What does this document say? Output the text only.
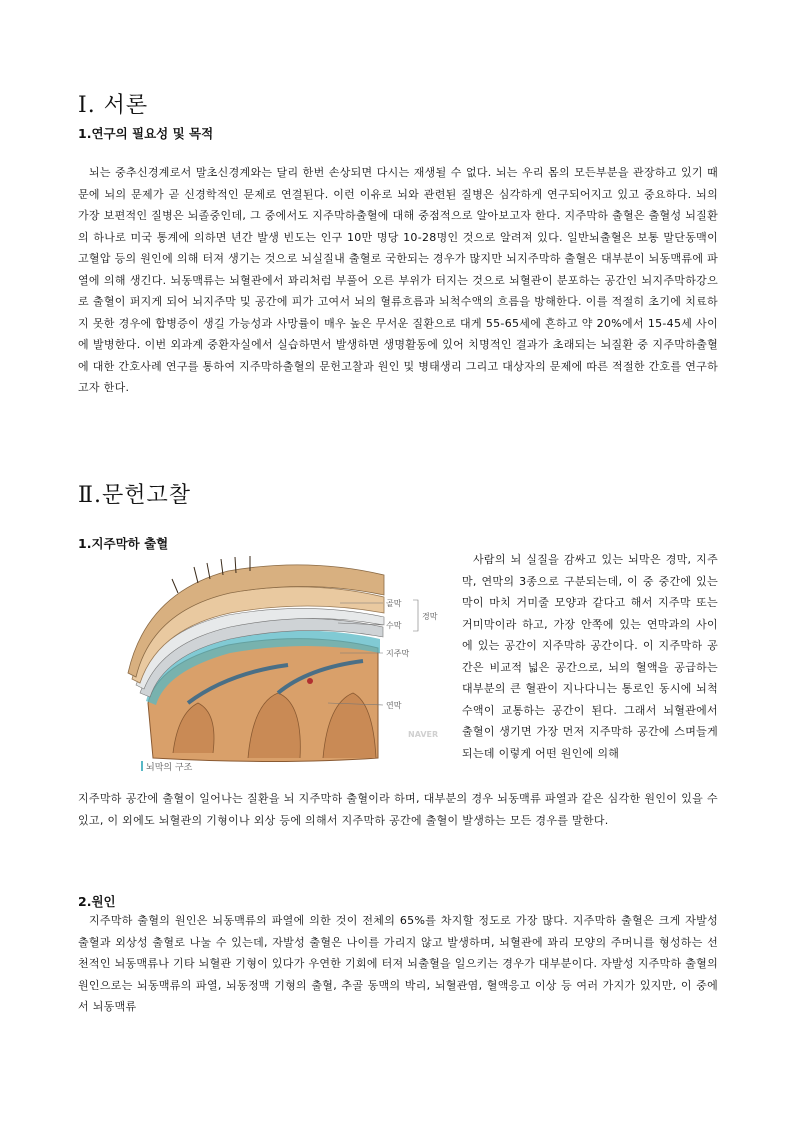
Ⅰ. 서론
1.연구의 필요성 및 목적

뇌는 중추신경계로서 말초신경계와는 달리 한번 손상되면 다시는 재생될 수 없다. 뇌는 우리 몸의 모든부분을 관장하고 있기 때문에 뇌의 문제가 곧 신경학적인 문제로 연결된다. 이런 이유로 뇌와 관련된 질병은 심각하게 연구되어지고 있고 중요하다. 뇌의 가장 보편적인 질병은 뇌졸중인데, 그 중에서도 지주막하출혈에 대해 중점적으로 알아보고자 한다. 지주막하 출혈은 출혈성 뇌질환의 하나로 미국 통계에 의하면 년간 발생 빈도는 인구 10만 명당 10-28명인 것으로 알려져 있다. 일반뇌출혈은 보통 말단동맥이 고혈압 등의 원인에 의해 터져 생기는 것으로 뇌실질내 출혈로 국한되는 경우가 많지만 뇌지주막하 출혈은 대부분이 뇌동맥류에 파열에 의해 생긴다. 뇌동맥류는 뇌혈관에서 꽈리처럼 부풀어 오른 부위가 터지는 것으로 뇌혈관이 분포하는 공간인 뇌지주막하강으로 출혈이 퍼지게 되어 뇌지주막 및 공간에 피가 고여서 뇌의 혈류흐름과 뇌척수액의 흐름을 방해한다. 이를 적절히 초기에 치료하지 못한 경우에 합병증이 생길 가능성과 사망률이 매우 높은 무서운 질환으로 대게 55-65세에 흔하고 약 20%에서 15-45세 사이에 발병한다. 이번 외과계 중환자실에서 실습하면서 발생하면 생명활동에 있어 치명적인 결과가 초래되는 뇌질환 중 지주막하출혈에 대한 간호사례 연구를 통하여 지주막하출혈의 문헌고찰과 원인 및 병태생리 그리고 대상자의 문제에 따른 적절한 간호를 연구하고자 한다.

Ⅱ.문헌고찰
1.지주막하 출혈
골막
수막
경막
지주막
연막
NAVER
뇌막의 구조

사람의 뇌 실질을 감싸고 있는 뇌막은 경막, 지주막, 연막의 3종으로 구분되는데, 이 중 중간에 있는 막이 마치 거미줄 모양과 같다고 해서 지주막 또는 거미막이라 하고, 가장 안쪽에 있는 연막과의 사이에 있는 공간이 지주막하 공간이다. 이 지주막하 공간은 비교적 넓은 공간으로, 뇌의 혈액을 공급하는 대부분의 큰 혈관이 지나다니는 통로인 동시에 뇌척수액이 교통하는 공간이 된다. 그래서 뇌혈관에서 출혈이 생기면 가장 먼저 지주막하 공간에 스며들게 되는데 이렇게 어떤 원인에 의해

지주막하 공간에 출혈이 일어나는 질환을 뇌 지주막하 출혈이라 하며, 대부분의 경우 뇌동맥류 파열과 같은 심각한 원인이 있을 수 있고, 이 외에도 뇌혈관의 기형이나 외상 등에 의해서 지주막하 공간에 출혈이 발생하는 모든 경우를 말한다.

2.원인

지주막하 출혈의 원인은 뇌동맥류의 파열에 의한 것이 전체의 65%를 차지할 정도로 가장 많다. 지주막하 출혈은 크게 자발성 출혈과 외상성 출혈로 나눌 수 있는데, 자발성 출혈은 나이를 가리지 않고 발생하며, 뇌혈관에 꽈리 모양의 주머니를 형성하는 선천적인 뇌동맥류나 기타 뇌혈관 기형이 있다가 우연한 기회에 터져 뇌출혈을 일으키는 경우가 대부분이다. 자발성 지주막하 출혈의 원인으로는 뇌동맥류의 파열, 뇌동정맥 기형의 출혈, 추골 동맥의 박리, 뇌혈관염, 혈액응고 이상 등 여러 가지가 있지만, 이 중에서 뇌동맥류
